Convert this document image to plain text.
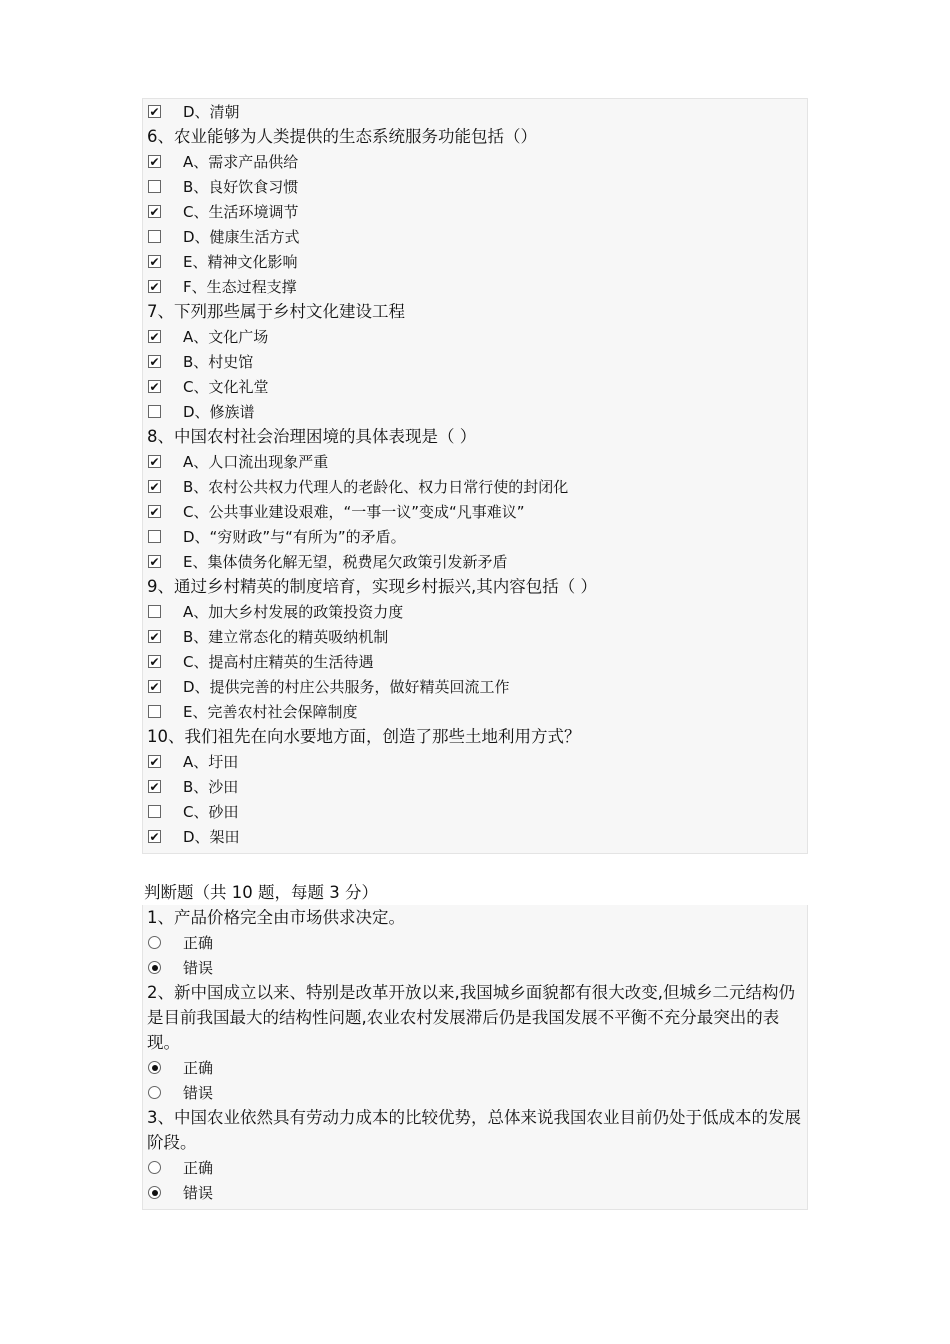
✔ D、清朝
6、农业能够为人类提供的生态系统服务功能包括（）
✔ A、需求产品供给
B、良好饮食习惯
✔ C、生活环境调节
D、健康生活方式
✔ E、精神文化影响
✔ F、生态过程支撑
7、下列那些属于乡村文化建设工程
✔ A、文化广场
✔ B、村史馆
✔ C、文化礼堂
D、修族谱
8、中国农村社会治理困境的具体表现是（ ）
✔ A、人口流出现象严重
✔ B、农村公共权力代理人的老龄化、权力日常行使的封闭化
✔ C、公共事业建设艰难，“一事一议”变成“凡事难议”
D、“穷财政”与“有所为”的矛盾。
✔ E、集体债务化解无望，税费尾欠政策引发新矛盾
9、通过乡村精英的制度培育，实现乡村振兴,其内容包括（ ）
A、加大乡村发展的政策投资力度
✔ B、建立常态化的精英吸纳机制
✔ C、提高村庄精英的生活待遇
✔ D、提供完善的村庄公共服务，做好精英回流工作
E、完善农村社会保障制度
10、我们祖先在向水要地方面，创造了那些土地利用方式？
✔ A、圩田
✔ B、沙田
C、砂田
✔ D、架田
判断题（共 10 题，每题 3 分）
1、产品价格完全由市场供求决定。
正确
错误
2、新中国成立以来、特别是改革开放以来,我国城乡面貌都有很大改变,但城乡二元结构仍是目前我国最大的结构性问题,农业农村发展滞后仍是我国发展不平衡不充分最突出的表现。
正确
错误
3、中国农业依然具有劳动力成本的比较优势，总体来说我国农业目前仍处于低成本的发展阶段。
正确
错误
